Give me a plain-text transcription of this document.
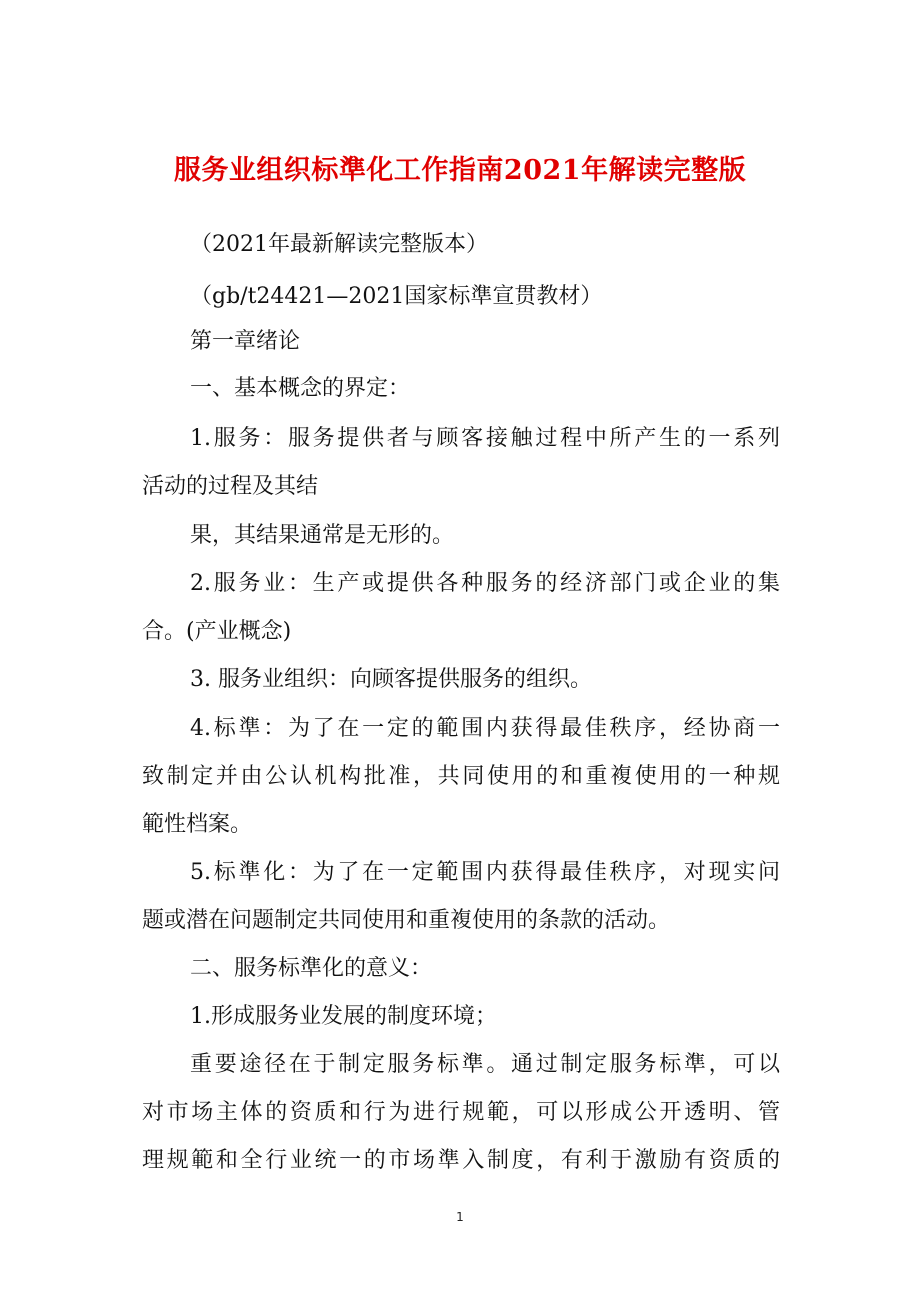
服务业组织标準化工作指南2021年解读完整版
（2021年最新解读完整版本）
（gb/t24421—2021国家标準宣贯教材）
第一章绪论
一、基本概念的界定：
1.服务：服务提供者与顾客接触过程中所产生的一系列
活动的过程及其结
果，其结果通常是无形的。
2.服务业：生产或提供各种服务的经济部门或企业的集
合。(产业概念)
3. 服务业组织：向顾客提供服务的组织。
4.标準：为了在一定的範围内获得最佳秩序，经协商一
致制定并由公认机构批准，共同使用的和重複使用的一种规
範性档案。
5.标準化：为了在一定範围内获得最佳秩序，对现实问
题或潜在问题制定共同使用和重複使用的条款的活动。
二、服务标準化的意义：
1.形成服务业发展的制度环境；
重要途径在于制定服务标準。通过制定服务标準，可以
对市场主体的资质和行为进行规範，可以形成公开透明、管
理规範和全行业统一的市场準入制度，有利于激励有资质的
1
